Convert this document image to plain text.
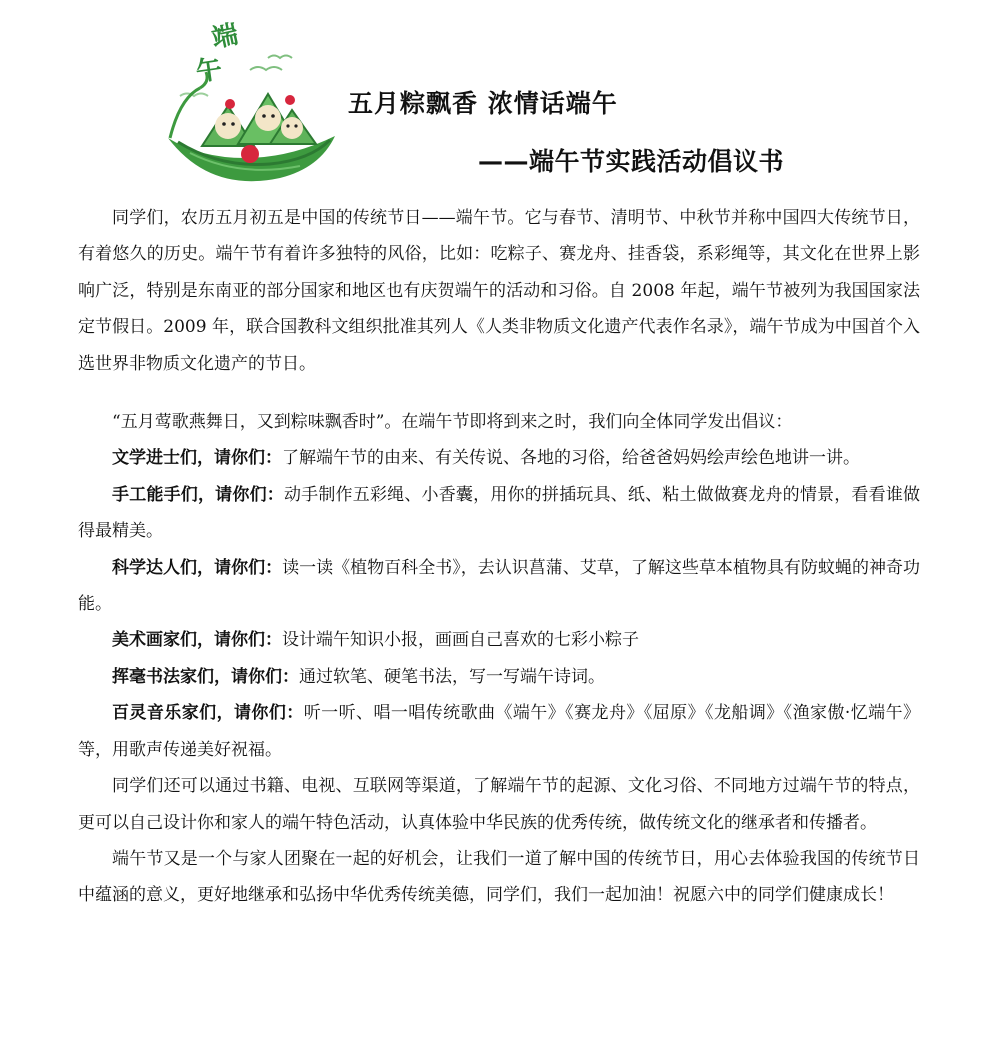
端
午
五月粽飘香 浓情话端午
——端午节实践活动倡议书

同学们，农历五月初五是中国的传统节日——端午节。它与春节、清明节、中秋节并称中国四大传统节日，有着悠久的历史。端午节有着许多独特的风俗，比如：吃粽子、赛龙舟、挂香袋，系彩绳等，其文化在世界上影响广泛，特别是东南亚的部分国家和地区也有庆贺端午的活动和习俗。自 2008 年起，端午节被列为我国国家法定节假日。2009 年，联合国教科文组织批准其列人《人类非物质文化遗产代表作名录》，端午节成为中国首个入选世界非物质文化遗产的节日。

“五月莺歌燕舞日，又到粽味飘香时”。在端午节即将到来之时，我们向全体同学发出倡议：

文学进士们，请你们：了解端午节的由来、有关传说、各地的习俗，给爸爸妈妈绘声绘色地讲一讲。

手工能手们，请你们：动手制作五彩绳、小香囊，用你的拼插玩具、纸、粘土做做赛龙舟的情景，看看谁做得最精美。

科学达人们，请你们：读一读《植物百科全书》，去认识菖蒲、艾草，了解这些草本植物具有防蚊蝇的神奇功能。

美术画家们，请你们：设计端午知识小报，画画自己喜欢的七彩小粽子

挥毫书法家们，请你们：通过软笔、硬笔书法，写一写端午诗词。

百灵音乐家们，请你们：听一听、唱一唱传统歌曲《端午》《赛龙舟》《屈原》《龙船调》《渔家傲·忆端午》等，用歌声传递美好祝福。

同学们还可以通过书籍、电视、互联网等渠道，了解端午节的起源、文化习俗、不同地方过端午节的特点，更可以自己设计你和家人的端午特色活动，认真体验中华民族的优秀传统，做传统文化的继承者和传播者。

端午节又是一个与家人团聚在一起的好机会，让我们一道了解中国的传统节日，用心去体验我国的传统节日中蕴涵的意义，更好地继承和弘扬中华优秀传统美德，同学们，我们一起加油！祝愿六中的同学们健康成长！
